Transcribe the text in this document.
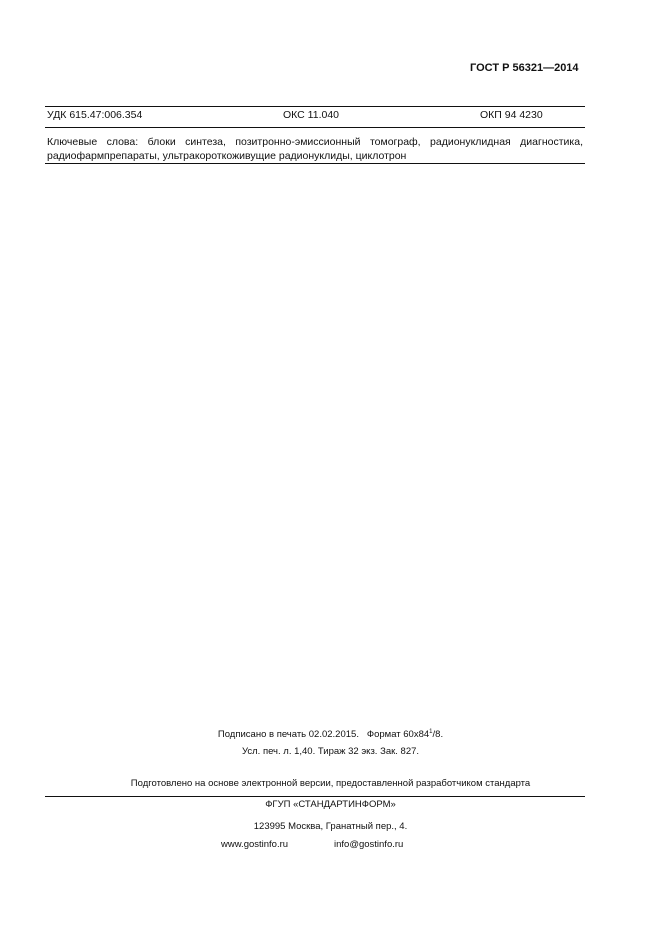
ГОСТ Р 56321—2014
УДК 615.47:006.354	ОКС 11.040	ОКП 94 4230
Ключевые слова: блоки синтеза, позитронно-эмиссионный томограф, радионуклидная диагностика, радиофармпрепараты, ультракороткоживущие радионуклиды, циклотрон
Подписано в печать 02.02.2015. Формат $60x84^1/8$.
Усл. печ. л. 1,40. Тираж 32 экз. Зак. 827.
Подготовлено на основе электронной версии, предоставленной разработчиком стандарта
ФГУП «СТАНДАРТИНФОРМ»
123995 Москва, Гранатный пер., 4.
www.gostinfo.ru	info@gostinfo.ru
